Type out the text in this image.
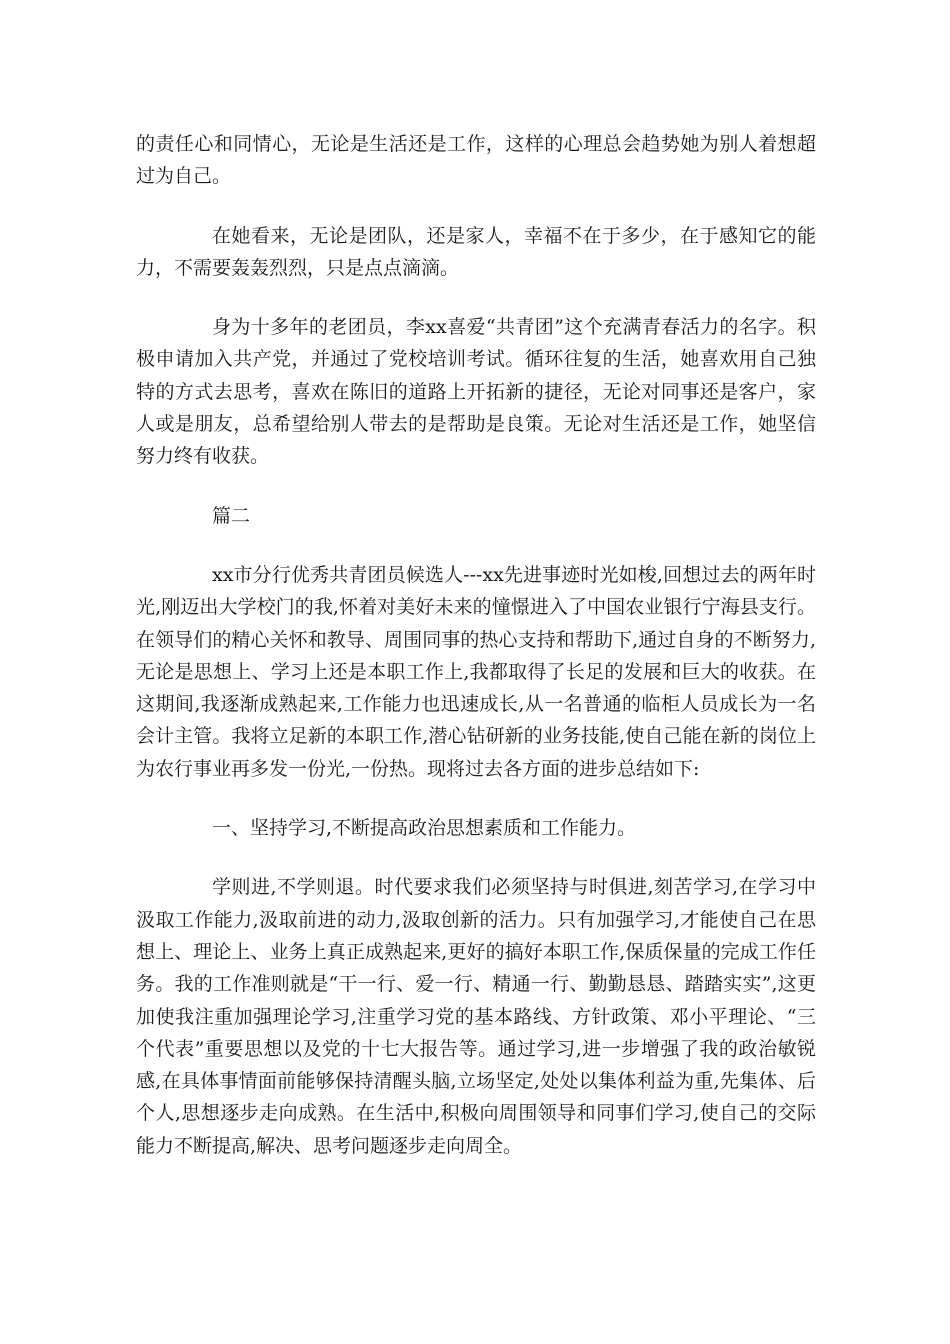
的责任心和同情心，无论是生活还是工作，这样的心理总会趋势她为别人着想超过为自己。

在她看来，无论是团队，还是家人，幸福不在于多少，在于感知它的能力，不需要轰轰烈烈，只是点点滴滴。

身为十多年的老团员，李xx喜爱“共青团”这个充满青春活力的名字。积极申请加入共产党，并通过了党校培训考试。循环往复的生活，她喜欢用自己独特的方式去思考，喜欢在陈旧的道路上开拓新的捷径，无论对同事还是客户，家人或是朋友，总希望给别人带去的是帮助是良策。无论对生活还是工作，她坚信努力终有收获。

篇二

xx市分行优秀共青团员候选人---xx先进事迹时光如梭,回想过去的两年时光,刚迈出大学校门的我,怀着对美好未来的憧憬进入了中国农业银行宁海县支行。在领导们的精心关怀和教导、周围同事的热心支持和帮助下,通过自身的不断努力,无论是思想上、学习上还是本职工作上,我都取得了长足的发展和巨大的收获。在这期间,我逐渐成熟起来,工作能力也迅速成长,从一名普通的临柜人员成长为一名会计主管。我将立足新的本职工作,潜心钻研新的业务技能,使自己能在新的岗位上为农行事业再多发一份光,一份热。现将过去各方面的进步总结如下:

一、坚持学习,不断提高政治思想素质和工作能力。

学则进,不学则退。时代要求我们必须坚持与时俱进,刻苦学习,在学习中汲取工作能力,汲取前进的动力,汲取创新的活力。只有加强学习,才能使自己在思想上、理论上、业务上真正成熟起来,更好的搞好本职工作,保质保量的完成工作任务。我的工作准则就是“干一行、爱一行、精通一行、勤勤恳恳、踏踏实实”,这更加使我注重加强理论学习,注重学习党的基本路线、方针政策、邓小平理论、“三个代表”重要思想以及党的十七大报告等。通过学习,进一步增强了我的政治敏锐感,在具体事情面前能够保持清醒头脑,立场坚定,处处以集体利益为重,先集体、后个人,思想逐步走向成熟。在生活中,积极向周围领导和同事们学习,使自己的交际能力不断提高,解决、思考问题逐步走向周全。
